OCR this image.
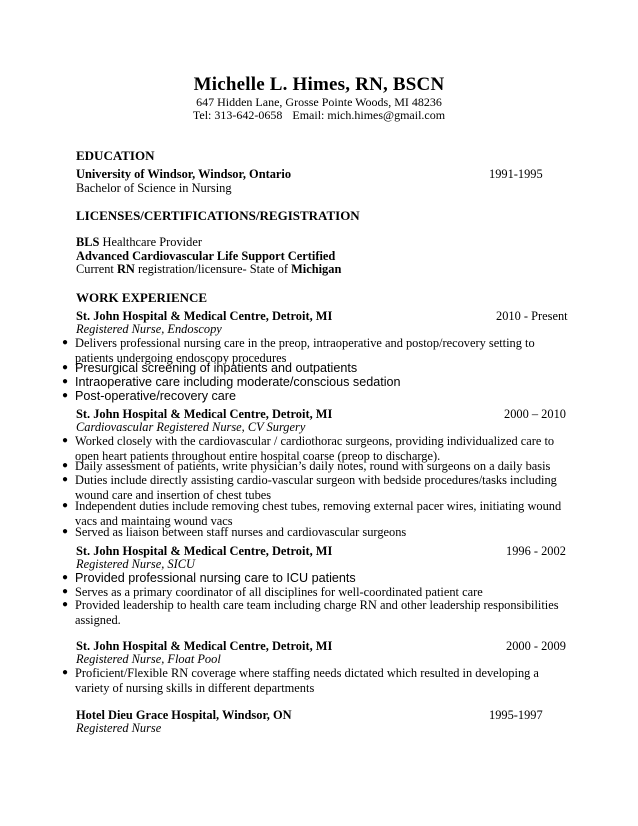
Michelle L. Himes, RN, BSCN
647 Hidden Lane, Grosse Pointe Woods, MI 48236
Tel: 313-642-0658 Email: mich.himes@gmail.com
EDUCATION
University of Windsor, Windsor, Ontario	1991-1995
Bachelor of Science in Nursing
LICENSES/CERTIFICATIONS/REGISTRATION
BLS Healthcare Provider
Advanced Cardiovascular Life Support Certified
Current RN registration/licensure- State of Michigan
WORK EXPERIENCE
St. John Hospital & Medical Centre, Detroit, MI	2010 - Present
Registered Nurse, Endoscopy
● Delivers professional nursing care in the preop, intraoperative and postop/recovery setting to patients undergoing endoscopy procedures
● Presurgical screening of inpatients and outpatients
● Intraoperative care including moderate/conscious sedation
● Post-operative/recovery care
St. John Hospital & Medical Centre, Detroit, MI	2000 – 2010
Cardiovascular Registered Nurse, CV Surgery
● Worked closely with the cardiovascular / cardiothorac surgeons, providing individualized care to open heart patients throughout entire hospital coarse (preop to discharge).
● Daily assessment of patients, write physician’s daily notes, round with surgeons on a daily basis
● Duties include directly assisting cardio-vascular surgeon with bedside procedures/tasks including wound care and insertion of chest tubes
● Independent duties include removing chest tubes, removing external pacer wires, initiating wound vacs and maintaing wound vacs
● Served as liaison between staff nurses and cardiovascular surgeons
St. John Hospital & Medical Centre, Detroit, MI	1996 - 2002
Registered Nurse, SICU
● Provided professional nursing care to ICU patients
● Serves as a primary coordinator of all disciplines for well-coordinated patient care
● Provided leadership to health care team including charge RN and other leadership responsibilities assigned.
St. John Hospital & Medical Centre, Detroit, MI	2000 - 2009
Registered Nurse, Float Pool
● Proficient/Flexible RN coverage where staffing needs dictated which resulted in developing a variety of nursing skills in different departments
Hotel Dieu Grace Hospital, Windsor, ON	1995-1997
Registered Nurse
